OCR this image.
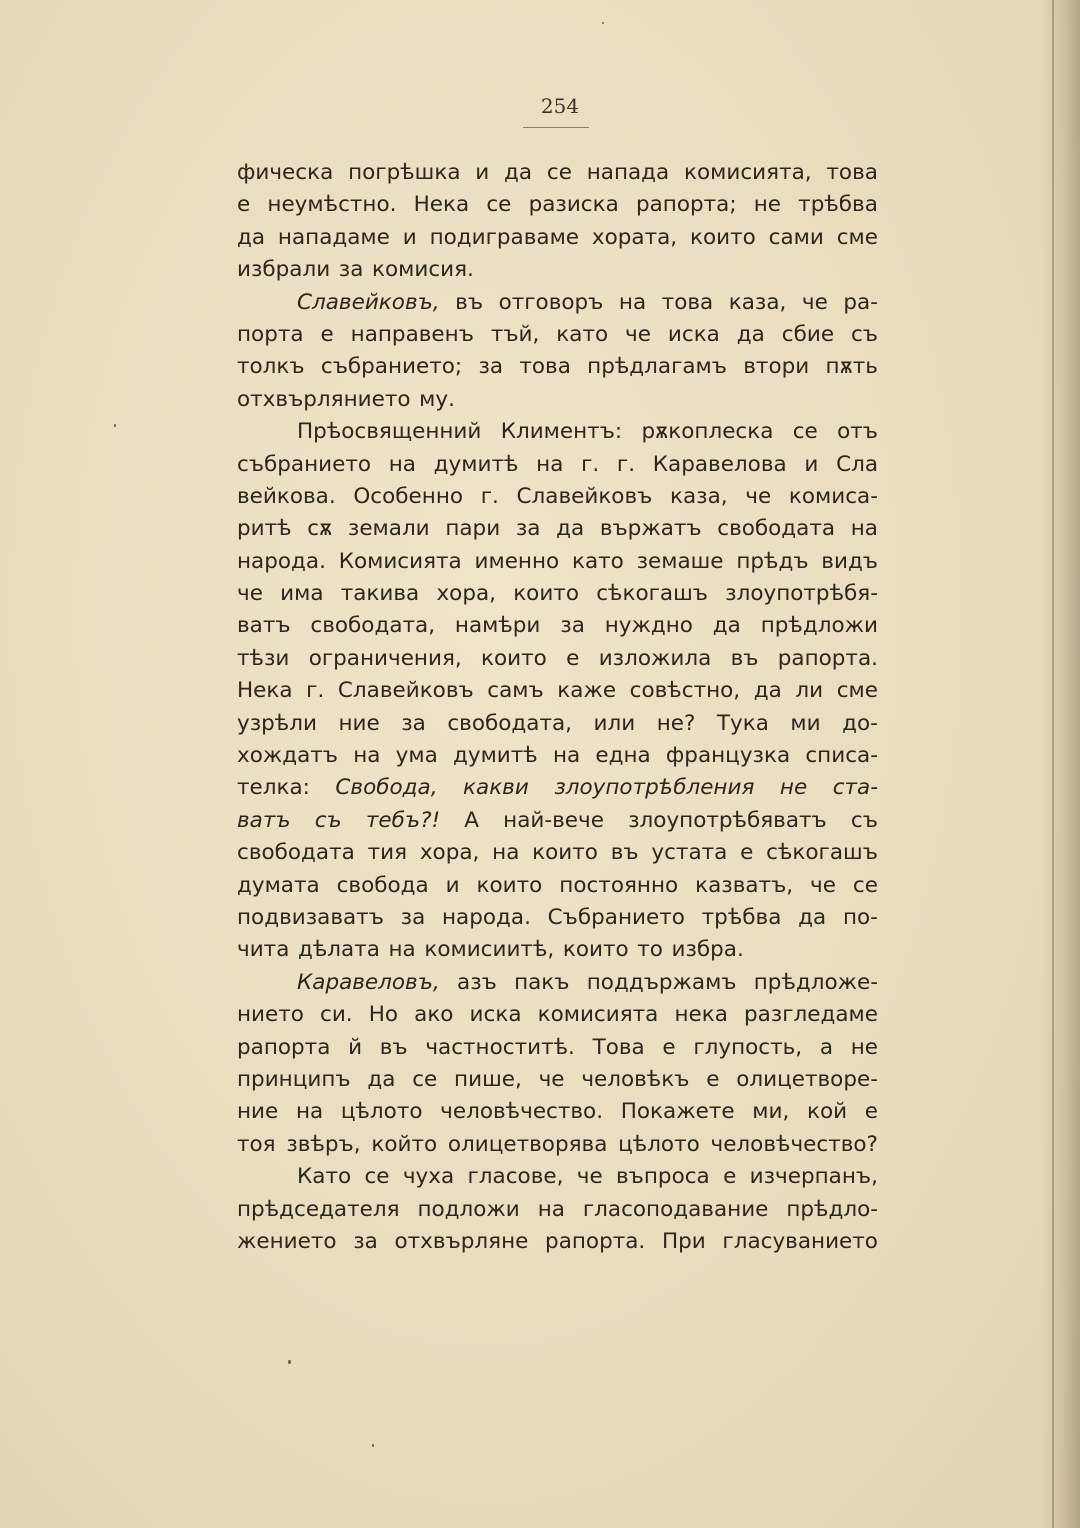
254
фическа погрѣшка и да се напада комисията, това
е неумѣстно. Нека се разиска рапорта; не трѣбва
да нападаме и подиграваме хората, които сами сме
избрали за комисия.
Славейковъ, въ отговоръ на това каза, че ра-
порта е направенъ тъй, като че иска да сбие съ
толкъ събранието; за това прѣдлагамъ втори пѫть
отхвърлянието му.
Прѣосвященний Климентъ: рѫкоплеска се отъ
събранието на думитѣ на г. г. Каравелова и Сла
вейкова. Особенно г. Славейковъ каза, че комиса-
ритѣ сѫ земали пари за да вържатъ свободата на
народа. Комисията именно като земаше прѣдъ видъ
че има такива хора, които сѣкогашъ злоупотрѣбя-
ватъ свободата, намѣри за нуждно да прѣдложи
тѣзи ограничения, които е изложила въ рапорта.
Нека г. Славейковъ самъ каже совѣстно, да ли сме
узрѣли ние за свободата, или не? Тука ми до-
хождатъ на ума думитѣ на една французка списа-
телка: Свобода, какви злоупотрѣбления не ста-
ватъ съ тебъ?! А най-вече злоупотрѣбяватъ съ
свободата тия хора, на които въ устата е сѣкогашъ
думата свобода и които постоянно казватъ, че се
подвизаватъ за народа. Събранието трѣбва да по-
чита дѣлата на комисиитѣ, които то избра.
Каравеловъ, азъ пакъ поддържамъ прѣдложе-
нието си. Но ако иска комисията нека разгледаме
рапорта й въ частноститѣ. Това е глупость, а не
принципъ да се пише, че человѣкъ е олицетворе-
ние на цѣлото человѣчество. Покажете ми, кой е
тоя звѣръ, който олицетворява цѣлото человѣчество?
Като се чуха гласове, че въпроса е изчерпанъ,
прѣдседателя подложи на гласоподавание прѣдло-
жението за отхвърляне рапорта. При гласуванието
